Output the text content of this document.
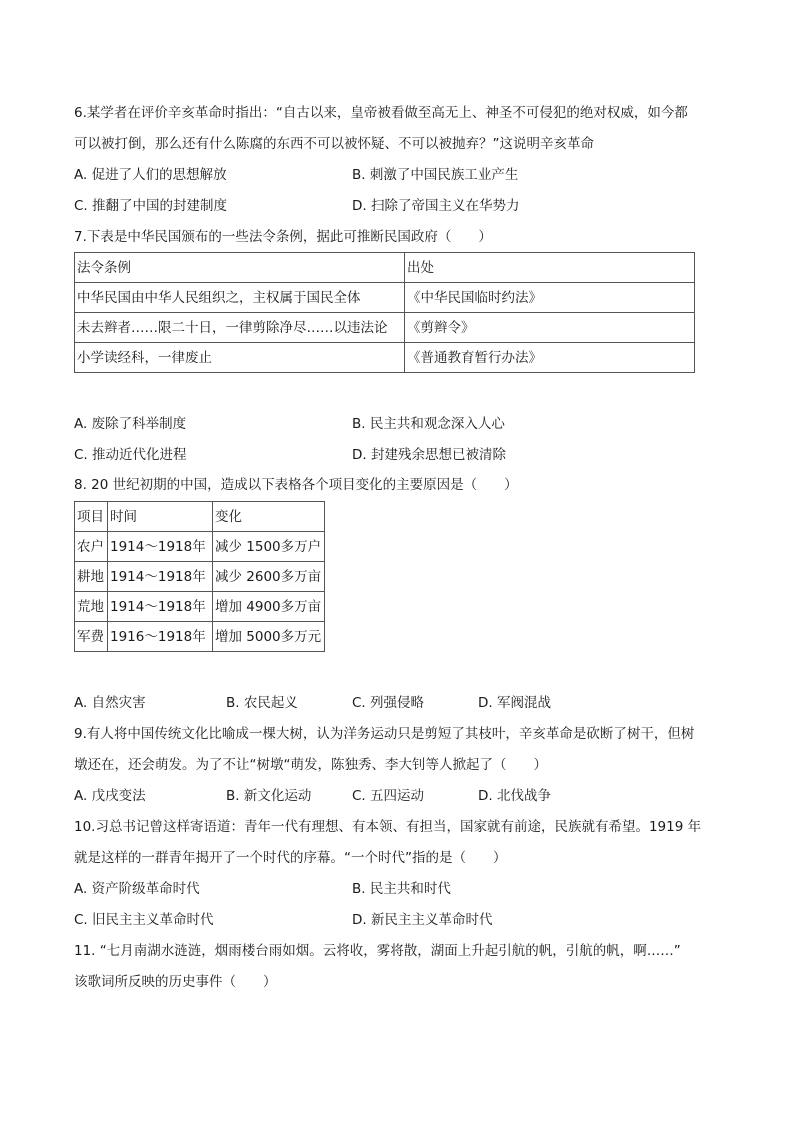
6.某学者在评价辛亥革命时指出：“自古以来，皇帝被看做至高无上、神圣不可侵犯的绝对权威，如今都
可以被打倒，那么还有什么陈腐的东西不可以被怀疑、不可以被抛弃？”这说明辛亥革命
A. 促进了人们的思想解放	B. 刺激了中国民族工业产生
C. 推翻了中国的封建制度	D. 扫除了帝国主义在华势力
7.下表是中华民国颁布的一些法令条例，据此可推断民国政府（　　）
法令条例	出处
中华民国由中华人民组织之，主权属于国民全体	《中华民国临时约法》
未去辫者……限二十日，一律剪除净尽……以违法论	《剪辫令》
小学读经科，一律废止	《普通教育暂行办法》
A. 废除了科举制度	B. 民主共和观念深入人心
C. 推动近代化进程	D. 封建残余思想已被清除
8. 20 世纪初期的中国，造成以下表格各个项目变化的主要原因是（　　）
项目	时间	变化
农户	1914～1918年	减少 1500多万户
耕地	1914～1918年	减少 2600多万亩
荒地	1914～1918年	增加 4900多万亩
军费	1916～1918年	增加 5000多万元
A. 自然灾害	B. 农民起义	C. 列强侵略	D. 军阀混战
9.有人将中国传统文化比喻成一棵大树，认为洋务运动只是剪短了其枝叶，辛亥革命是砍断了树干，但树
墩还在，还会萌发。为了不让“树墩“萌发，陈独秀、李大钊等人掀起了（　　）
A. 戊戌变法	B. 新文化运动	C. 五四运动	D. 北伐战争
10.习总书记曾这样寄语道：青年一代有理想、有本领、有担当，国家就有前途，民族就有希望。1919 年
就是这样的一群青年揭开了一个时代的序幕。“一个时代”指的是（　　）
A. 资产阶级革命时代	B. 民主共和时代
C. 旧民主主义革命时代	D. 新民主主义革命时代
11. “七月南湖水涟涟，烟雨楼台雨如烟。云将收，雾将散，湖面上升起引航的帆，引航的帆，啊……”
该歌词所反映的历史事件（　　）
